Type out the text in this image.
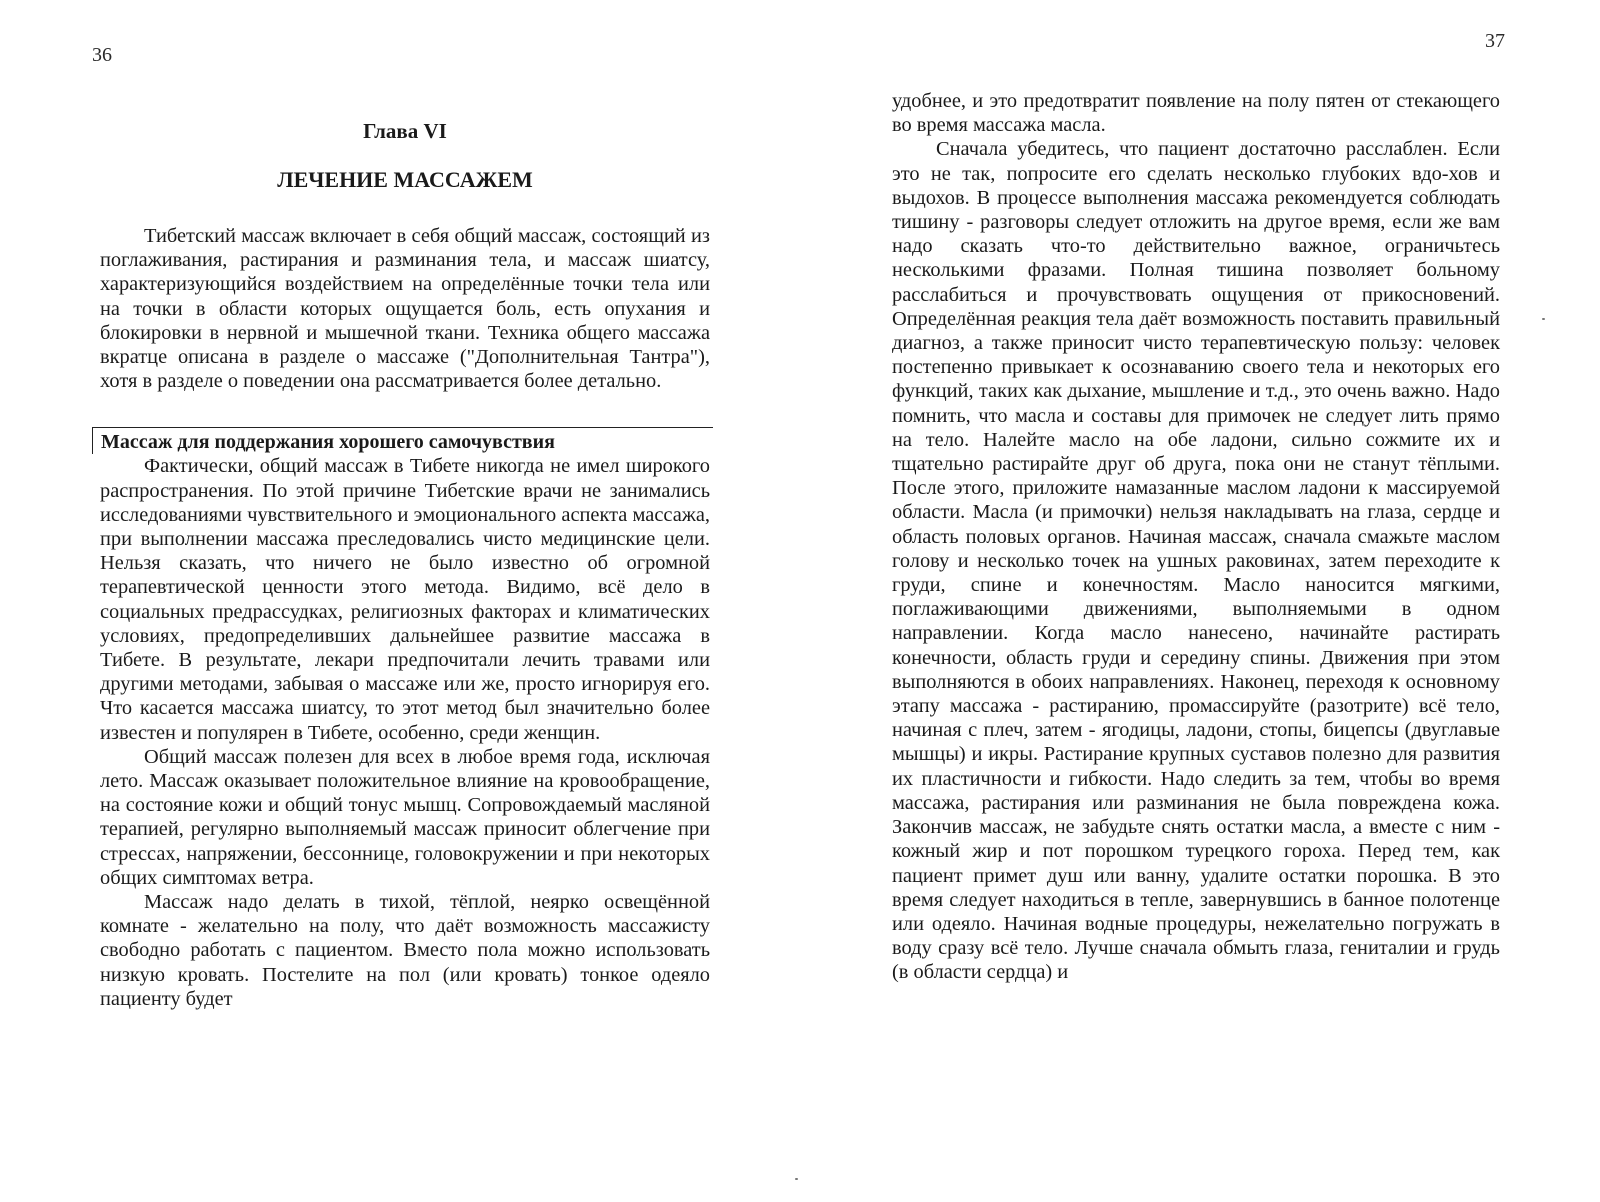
36
37
Глава VI
ЛЕЧЕНИЕ МАССАЖЕМ

Тибетский массаж включает в себя общий массаж, состоящий из поглаживания, растирания и разминания тела, и массаж шиатсу, характеризующийся воздействием на определённые точки тела или на точки в области которых ощущается боль, есть опухания и блокировки в нервной и мышечной ткани. Техника общего массажа вкратце описана в разделе о массаже ("Дополнительная Тантра"), хотя в разделе о поведении она рассматривается более детально.

Массаж для поддержания хорошего самочувствия

Фактически, общий массаж в Тибете никогда не имел широкого распространения. По этой причине Тибетские врачи не занимались исследованиями чувствительного и эмоционального аспекта массажа, при выполнении массажа преследовались чисто медицинские цели. Нельзя сказать, что ничего не было известно об огромной терапевтической ценности этого метода. Видимо, всё дело в социальных предрассудках, религиозных факторах и климатических условиях, предопределивших дальнейшее развитие массажа в Тибете. В результате, лекари предпочитали лечить травами или другими методами, забывая о массаже или же, просто игнорируя его. Что касается массажа шиатсу, то этот метод был значительно более известен и популярен в Тибете, особенно, среди женщин.

Общий массаж полезен для всех в любое время года, исключая лето. Массаж оказывает положительное влияние на кровообращение, на состояние кожи и общий тонус мышц. Сопровождаемый масляной терапией, регулярно выполняемый массаж приносит облегчение при стрессах, напряжении, бессоннице, головокружении и при некоторых общих симптомах ветра.

Массаж надо делать в тихой, тёплой, неярко освещённой комнате - желательно на полу, что даёт возможность массажисту свободно работать с пациентом. Вместо пола можно использовать низкую кровать. Постелите на пол (или кровать) тонкое одеяло пациенту будет

удобнее, и это предотвратит появление на полу пятен от стекающего во время массажа масла.

Сначала убедитесь, что пациент достаточно расслаблен. Если это не так, попросите его сделать несколько глубоких вдо-хов и выдохов. В процессе выполнения массажа рекомендуется соблюдать тишину - разговоры следует отложить на другое время, если же вам надо сказать что-то действительно важное, ограничьтесь несколькими фразами. Полная тишина позволяет больному расслабиться и прочувствовать ощущения от прикосновений. Определённая реакция тела даёт возможность поставить правильный диагноз, а также приносит чисто терапевтическую пользу: человек постепенно привыкает к осознаванию своего тела и некоторых его функций, таких как дыхание, мышление и т.д., это очень важно. Надо помнить, что масла и составы для примочек не следует лить прямо на тело. Налейте масло на обе ладони, сильно сожмите их и тщательно растирайте друг об друга, пока они не станут тёплыми. После этого, приложите намазанные маслом ладони к массируемой области. Масла (и примочки) нельзя накладывать на глаза, сердце и область половых органов. Начиная массаж, сначала смажьте маслом голову и несколько точек на ушных раковинах, затем переходите к груди, спине и конечностям. Масло наносится мягкими, поглаживающими движениями, выполняемыми в одном направлении. Когда масло нанесено, начинайте растирать конечности, область груди и середину спины. Движения при этом выполняются в обоих направлениях. Наконец, переходя к основному этапу массажа - растиранию, промассируйте (разотрите) всё тело, начиная с плеч, затем - ягодицы, ладони, стопы, бицепсы (двуглавые мышцы) и икры. Растирание крупных суставов полезно для развития их пластичности и гибкости. Надо следить за тем, чтобы во время массажа, растирания или разминания не была повреждена кожа. Закончив массаж, не забудьте снять остатки масла, а вместе с ним - кожный жир и пот порошком турецкого гороха. Перед тем, как пациент примет душ или ванну, удалите остатки порошка. В это время следует находиться в тепле, завернувшись в банное полотенце или одеяло. Начиная водные процедуры, нежелательно погружать в воду сразу всё тело. Лучше сначала обмыть глаза, гениталии и грудь (в области сердца) и
